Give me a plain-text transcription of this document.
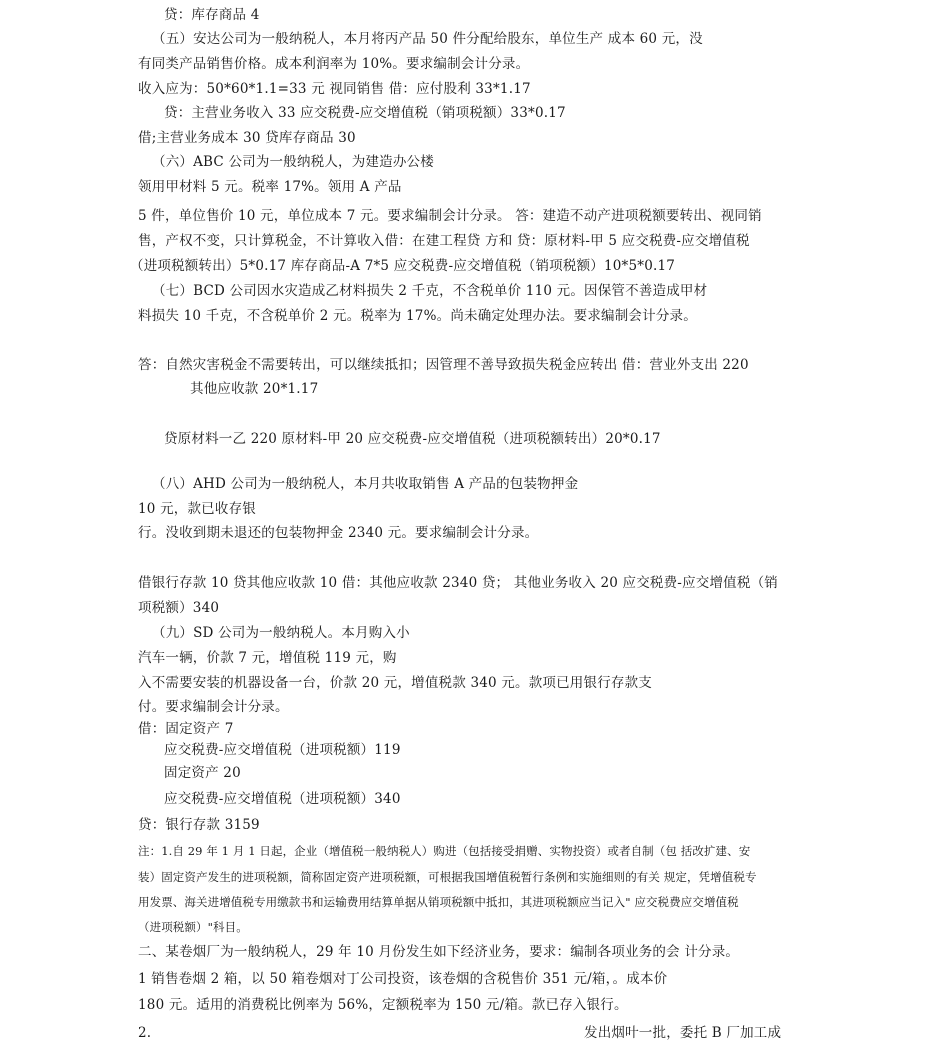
贷：库存商品 4
（五）安达公司为一般纳税人，本月将丙产品 50 件分配给股东，单位生产 成本 60 元，没
有同类产品销售价格。成本利润率为 10%。要求编制会计分录。
收入应为：50*60*1.1=33 元 视同销售 借：应付股利 33*1.17
贷：主营业务收入 33 应交税费-应交增值税（销项税额）33*0.17
借;主营业务成本 30 贷库存商品 30
（六）ABC 公司为一般纳税人，为建造办公楼
领用甲材料 5 元。税率 17%。领用 A 产品
5 件，单位售价 10 元，单位成本 7 元。要求编制会计分录。 答：建造不动产进项税额要转出、视同销
售，产权不变，只计算税金，不计算收入借：在建工程贷 方和 贷：原材料-甲 5 应交税费-应交增值税
（进项税额转出）5*0.17 库存商品-A 7*5 应交税费-应交增值税（销项税额）10*5*0.17
（七）BCD 公司因水灾造成乙材料损失 2 千克，不含税单价 110 元。因保管不善造成甲材
料损失 10 千克，不含税单价 2 元。税率为 17%。尚未确定处理办法。要求编制会计分录。
答：自然灾害税金不需要转出，可以继续抵扣；因管理不善导致损失税金应转出 借：营业外支出 220
其他应收款 20*1.17
贷原材料一乙 220 原材料-甲 20 应交税费-应交增值税（进项税额转出）20*0.17
（八）AHD 公司为一般纳税人，本月共收取销售 A 产品的包装物押金
10 元，款已收存银
行。没收到期未退还的包装物押金 2340 元。要求编制会计分录。
借银行存款 10 贷其他应收款 10 借：其他应收款 2340 贷； 其他业务收入 20 应交税费-应交增值税（销
项税额）340
（九）SD 公司为一般纳税人。本月购入小
汽车一辆，价款 7 元，增值税 119 元，购
入不需要安装的机器设备一台，价款 20 元，增值税款 340 元。款项已用银行存款支
付。要求编制会计分录。
借：固定资产 7
应交税费-应交增值税（进项税额）119
固定资产 20
应交税费-应交增值税（进项税额）340
贷：银行存款 3159
注：1.自 29 年 1 月 1 日起，企业（增值税一般纳税人）购进（包括接受捐赠、实物投资）或者自制（包 括改扩建、安
装）固定资产发生的进项税额，简称固定资产进项税额，可根据我国增值税暂行条例和实施细则的有关 规定，凭增值税专
用发票、海关进增值税专用缴款书和运输费用结算单据从销项税额中抵扣，其进项税额应当记入" 应交税费应交增值税
（进项税额）"科目。
二、某卷烟厂为一般纳税人，29 年 10 月份发生如下经济业务，要求：编制各项业务的会 计分录。
1 销售卷烟 2 箱，以 50 箱卷烟对丁公司投资，该卷烟的含税售价 351 元/箱，。成本价
180 元。适用的消费税比例率为 56%，定额税率为 150 元/箱。款已存入银行。
2.	发出烟叶一批，委托 B 厂加工成
